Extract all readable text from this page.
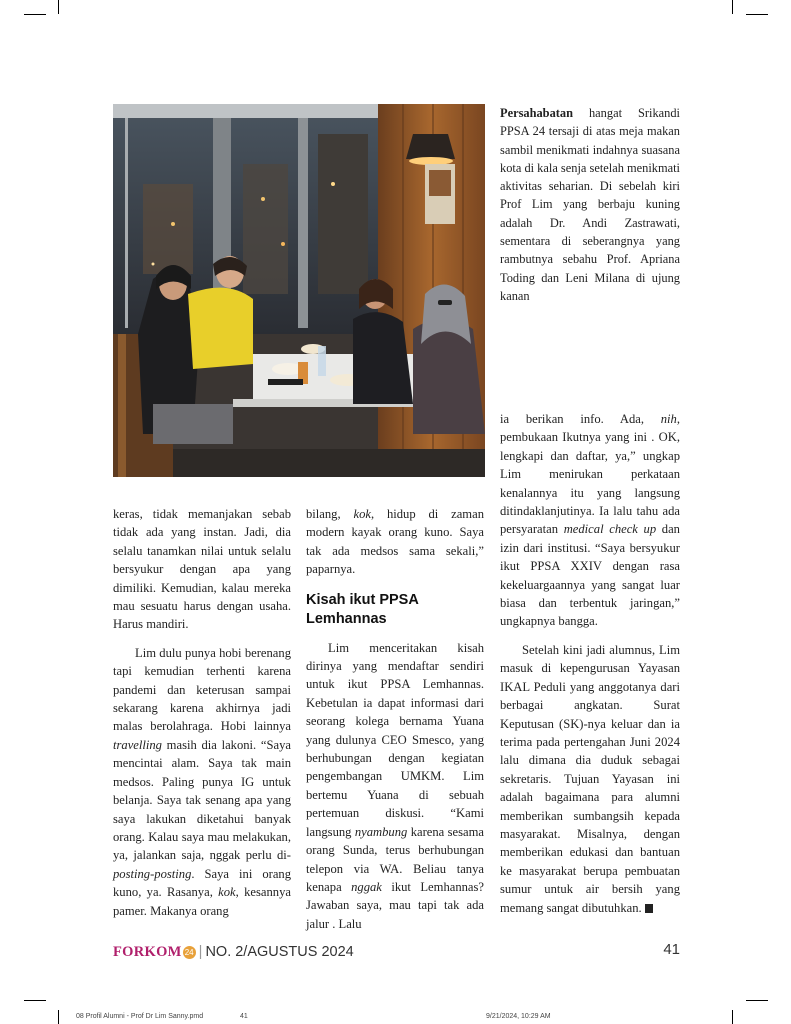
Persahabatan hangat Srikandi PPSA 24 tersaji di atas meja makan sambil menikmati indahnya suasana kota di kala senja setelah menikmati aktivitas seharian. Di sebelah kiri Prof Lim yang berbaju kuning adalah Dr. Andi Zastrawati, sementara di seberangnya yang rambutnya sebahu Prof. Apriana Toding dan Leni Milana di ujung kanan

keras, tidak memanjakan sebab tidak ada yang instan. Jadi, dia selalu tanamkan nilai untuk selalu bersyukur dengan apa yang dimiliki. Kemudian, kalau mereka mau sesuatu harus dengan usaha. Harus mandiri.

Lim dulu punya hobi berenang tapi kemudian terhenti karena pandemi dan keterusan sampai sekarang karena akhirnya jadi malas berolahraga. Hobi lainnya travelling masih dia lakoni. “Saya mencintai alam. Saya tak main medsos. Paling punya IG untuk belanja. Saya tak senang apa yang saya lakukan diketahui banyak orang. Kalau saya mau melakukan, ya, jalankan saja, nggak perlu di-posting-posting. Saya ini orang kuno, ya. Rasanya, kok, kesannya pamer. Makanya orang

bilang, kok, hidup di zaman modern kayak orang kuno. Saya tak ada medsos sama sekali,” paparnya.

Kisah ikut PPSA Lemhannas

Lim menceritakan kisah dirinya yang mendaftar sendiri untuk ikut PPSA Lemhannas. Kebetulan ia dapat informasi dari seorang kolega bernama Yuana yang dulunya CEO Smesco, yang berhubungan dengan kegiatan pengembangan UMKM. Lim bertemu Yuana di sebuah pertemuan diskusi. “Kami langsung nyambung karena sesama orang Sunda, terus berhubungan telepon via WA. Beliau tanya kenapa nggak ikut Lemhannas? Jawaban saya, mau tapi tak ada jalur . Lalu

ia berikan info. Ada, nih, pembukaan Ikutnya yang ini . OK, lengkapi dan daftar, ya,” ungkap Lim menirukan perkataan kenalannya itu yang langsung ditindaklanjutinya. Ia lalu tahu ada persyaratan medical check up dan izin dari institusi. “Saya bersyukur ikut PPSA XXIV dengan rasa kekeluargaannya yang sangat luar biasa dan terbentuk jaringan,” ungkapnya bangga.

Setelah kini jadi alumnus, Lim masuk di kepengurusan Yayasan IKAL Peduli yang anggotanya dari berbagai angkatan. Surat Keputusan (SK)-nya keluar dan ia terima pada pertengahan Juni 2024 lalu dimana dia duduk sebagai sekretaris. Tujuan Yayasan ini adalah bagaimana para alumni memberikan sumbangsih kepada masyarakat. Misalnya, dengan memberikan edukasi dan bantuan ke masyarakat berupa pembuatan sumur untuk air bersih yang memang sangat dibutuhkan.

FORKOM 24 | NO. 2/AGUSTUS 2024	41
08 Profil Alumni - Prof Dr Lim Sanny.pmd	41	9/21/2024, 10:29 AM
